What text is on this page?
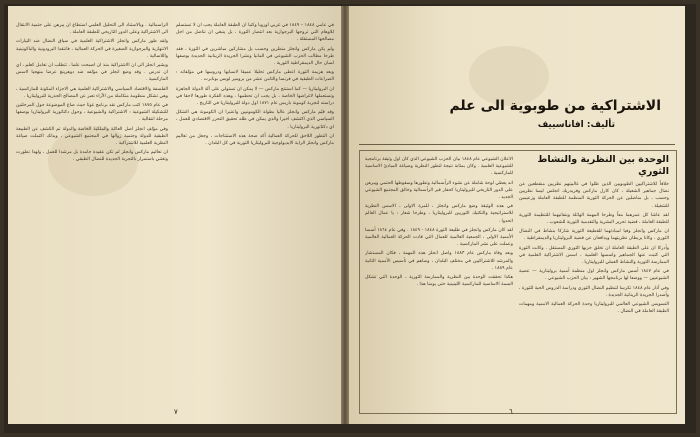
في عامي ١٨٤٨ – ١٨٤٩ في غربي اوروبا وكتبا ان الطبقة العاملة يجب ان لا تستسلم للاوهام التي تروجها البرجوازية بعد انتصار الثورة ، بل ينبغي ان تناضل من اجل مصالحها المستقلة .

ولم يكن ماركس وانجلز منظرين وحسب بل مشاركين مباشرين في الثورة ، فقد طرحا مطالب الحزب الشيوعي في المانيا ونشرا الجريدة الرينانية الجديدة بوصفها لسان حال الديمقراطية الثورية .

وبعد هزيمة الثورة اعطى ماركس تحليلا عميقا لاسبابها ودروسها في مؤلفاته : الصراعات الطبقية في فرنسا والثامن عشر من برومير لويس بونابرت .

ان البروليتاريا — كما استنتج ماركس — لا يمكن ان تستولي على آلة الدولة الجاهزة وتستعملها لاغراضها الخاصة ، بل يجب ان تحطمها . وهذه الفكرة طورها لاحقا في دراسته لتجربة كومونة باريس عام ١٨٧١ اول دولة للبروليتاريا في التاريخ .

وقد قيّم ماركس وانجلز عاليا بطولة الكومونيين واعتبرا ان الكومونة هي الشكل السياسي الذي اكتشف اخيرا والذي يمكن في ظله تحقيق التحرر الاقتصادي للعمل ، اي دكتاتورية البروليتاريا .

ان التطور اللاحق للحركة العمالية أكد صحة هذه الاستنتاجات ، وجعل من تعاليم ماركس وانجلز الراية الايديولوجية للبروليتاريا الثورية في كل البلدان .

الرأسمالية . وبالاستناد الى التحليل العلمي استطاع ان يبرهن على حتمية الانتقال الى الاشتراكية وعلى الدور التاريخي للطبقة العاملة .

ولقد طور ماركس وانجلز الاشتراكية العلمية في سياق النضال ضد التيارات الانتهازية والبرجوازية الصغيرة في الحركة العمالية ، فانتقدا البرودونية والباكونينية واللاسالية .

ويشير انجلز الى ان الاشتراكية منذ ان اصبحت علما ، تتطلب ان تعامل كعلم ، اي ان تدرس . وقد وضع انجلز في مؤلفه ضد دوهرينغ عرضا منهجيا لاسس الماركسية .

الفلسفة والاقتصاد السياسي والاشتراكية العلمية هي الاجزاء المكونة للماركسية ، وهي تشكل منظومة متكاملة من الآراء تعبر عن المصالح الجذرية للبروليتاريا .

في عام ١٨٧٥ كتب ماركس نقد برنامج غوتا حيث صاغ الموضوعة حول المرحلتين للتشكيلة الشيوعية : الاشتراكية والشيوعية ، وحول دكتاتورية البروليتاريا بوصفها مرحلة انتقالية .

وفي مؤلف انجلز اصل العائلة والملكية الخاصة والدولة تم الكشف عن الطبيعة الطبقية للدولة وحتمية زوالها في المجتمع الشيوعي ، وبذلك اكتملت صياغة النظرية العلمية للاشتراكية .

ان تعاليم ماركس وانجلز لم تكن عقيدة جامدة بل مرشدا للعمل ، ولهذا تطورت وتغتني باستمرار بالتجربة الجديدة للنضال الطبقي .

٧
الاشتراكية من طوبوية الى علم
تأليف: افاناسييف
الوحدة بين النظرية والنشاط الثوري

خلافاً للاشتراكيين الطوبويين الذين ظلوا في غالبيتهم نظريين منقطعين عن نضال جماهير الشغيلة ، كان كارل ماركس وفريدريك انجلس ليسا نظريين وحسب ، بل مناضلين عن الحركة الثورية المنظمة للطبقة العاملة وزعيمين للشغيلة .

لقد عاشا كل عمرهما معاً وطرحا المهمة الهائلة وبتفانيهما للتنظيمة الثورية للطبقة العاملة ، قضية تحرير البشرية والتقدمية الثورية للشعوب .

ان ماركس وانجلز وفيا لمبادئهما للقطيعة الثورية شاركا بنشاط في النضال الثوري ، وكانا يربطان نظريتهما ويدافعان عن قضية البروليتاريا والديمقراطية .

وأدركا ان على الطبقة العاملة ان تخلق حزبها الثوري المستقل . وكانت الثورة التي كتبت عنها الجماهير واسسها العلمية ، اسس الاشتراكية العلمية في الممارسة الثورية والنشاط العملي للبروليتاريا .

في عام ١٨٤٧ أسس ماركس وانجلز اول منظمة أممية بروليتارية — عصبة الشيوعيين — ووضعا لها برنامجها الشهير : بيان الحزب الشيوعي .

وفي آذار عام ١٨٤٨ تكرسا لتنظيم النضال الثوري ودراسة الدروس الحية للثورة ، وأصدرا الجريدة الرينانية الجديدة .

التسويس الشيوعي العالمي للبروليتاريا وحدة الحركة العمالية الاممية ومهمات الطبقة العاملة في النضال .

الاعلان الشيوعي عام ١٨٤٨ بيان الحزب الشيوعي الذي كان اول وثيقة برنامجية للشيوعية العلمية . وكان بمثابة نتيجة لتطور النظرية وصياغة المبادئ الاساسية للماركسية .

انه يعطي لوحة شاملة عن نشوء الرأسمالية وتطورها وسقوطها الحتمي ويبرهن على الدور التاريخي للبروليتاريا كحفار قبر الرأسمالية وخالق المجتمع الشيوعي الجديد .

في هذه الوثيقة وضع ماركس وانجلز ، للمرة الاولى ، الاسس النظرية للاستراتيجية والتكتيك الثوريين للبروليتاريا ، وطرحا شعار : يا عمال العالم اتحدوا .

لقد كان ماركس وانجلز في طليعة الثورة ١٨٤٨ - ١٨٤٩ . وفي عام ١٨٦٤ أسسا الأممية الاولى ، الجمعية العالمية للعمال التي قادت الحركة العمالية العالمية وعملت على نشر الماركسية .

وبعد وفاة ماركس عام ١٨٨٣ واصل انجلز هذه المهمة ، فكان المستشار والمرشد للاشتراكيين في مختلف البلدان ، وساهم في تأسيس الأممية الثانية عام ١٨٨٩ .

هكذا تحققت الوحدة بين النظرية والممارسة الثورية ، الوحدة التي تشكل السمة الاساسية للماركسية اللينينية حتى يومنا هذا .

٦
